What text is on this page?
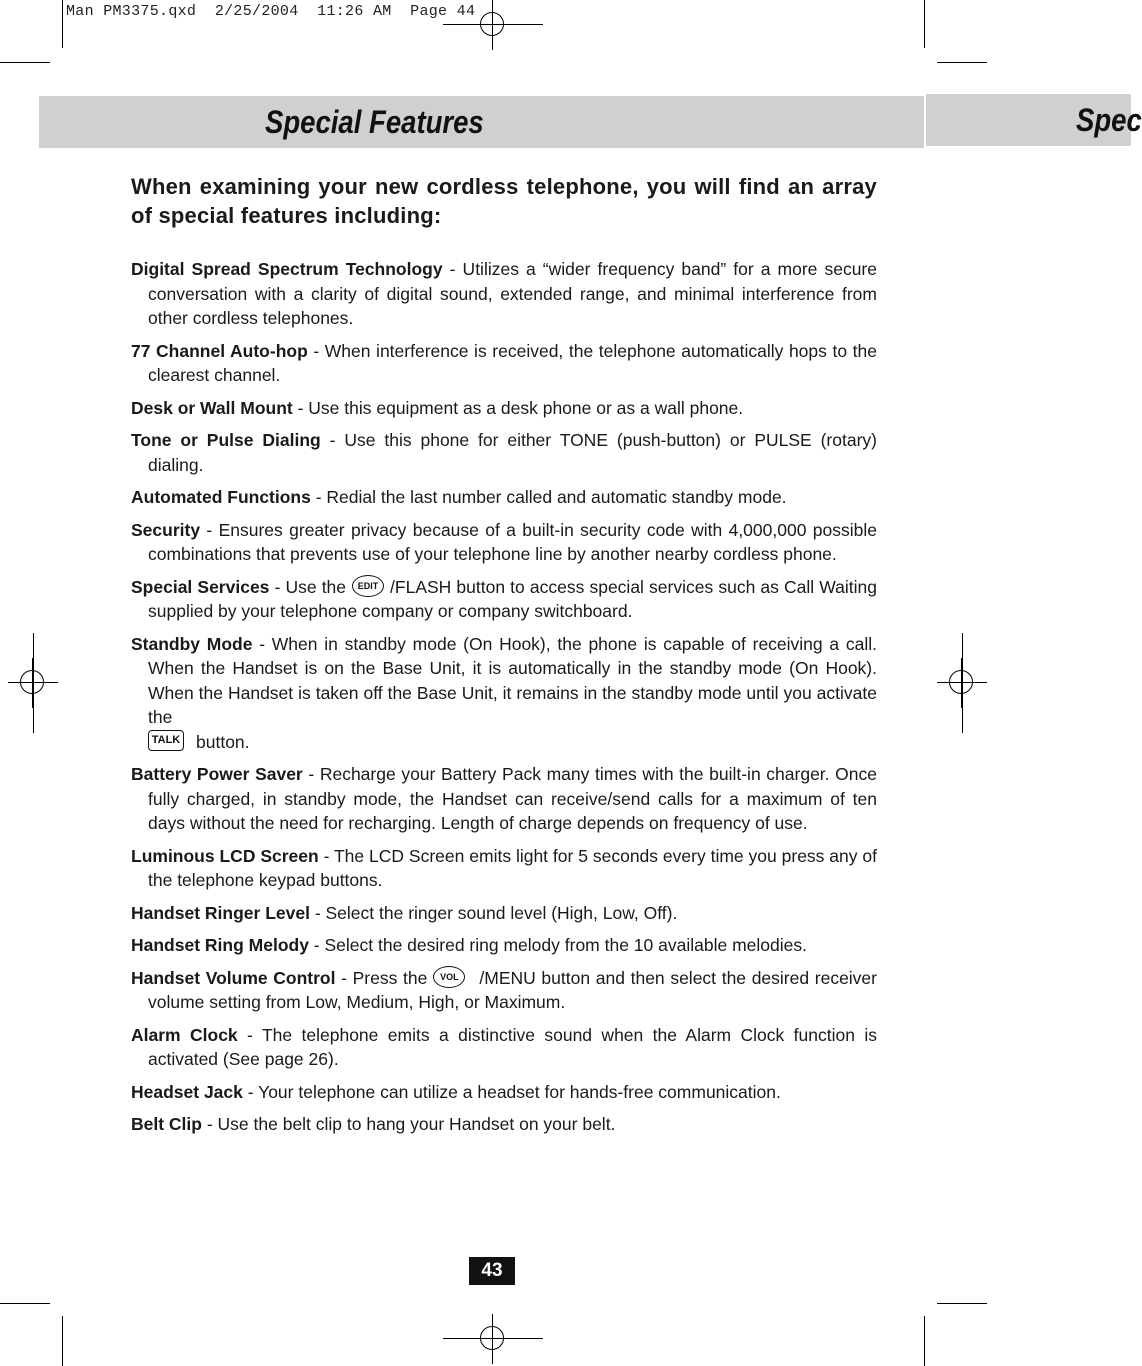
Man PM3375.qxd  2/25/2004  11:26 AM  Page 44
Special Features	Spec
When examining your new cordless telephone, you will find an array of special features including:

Digital Spread Spectrum Technology - Utilizes a “wider frequency band” for a more secure conversation with a clarity of digital sound, extended range, and minimal interference from other cordless telephones.

77 Channel Auto-hop - When interference is received, the telephone automatically hops to the clearest channel.

Desk or Wall Mount - Use this equipment as a desk phone or as a wall phone.

Tone or Pulse Dialing - Use this phone for either TONE (push-button) or PULSE (rotary) dialing.

Automated Functions - Redial the last number called and automatic standby mode.

Security - Ensures greater privacy because of a built-in security code with 4,000,000 possible combinations that prevents use of your telephone line by another nearby cordless phone.

Special Services - Use the EDIT /FLASH button to access special services such as Call Waiting supplied by your telephone company or company switchboard.

Standby Mode - When in standby mode (On Hook), the phone is capable of receiving a call. When the Handset is on the Base Unit, it is automatically in the standby mode (On Hook). When the Handset is taken off the Base Unit, it remains in the standby mode until you activate the
TALK button.

Battery Power Saver - Recharge your Battery Pack many times with the built-in charger. Once fully charged, in standby mode, the Handset can receive/send calls for a maximum of ten days without the need for recharging. Length of charge depends on frequency of use.

Luminous LCD Screen - The LCD Screen emits light for 5 seconds every time you press any of the telephone keypad buttons.

Handset Ringer Level - Select the ringer sound level (High, Low, Off).

Handset Ring Melody - Select the desired ring melody from the 10 available melodies.

Handset Volume Control - Press the VOL /MENU button and then select the desired receiver volume setting from Low, Medium, High, or Maximum.

Alarm Clock - The telephone emits a distinctive sound when the Alarm Clock function is activated (See page 26).

Headset Jack - Your telephone can utilize a headset for hands-free communication.

Belt Clip - Use the belt clip to hang your Handset on your belt.

43
